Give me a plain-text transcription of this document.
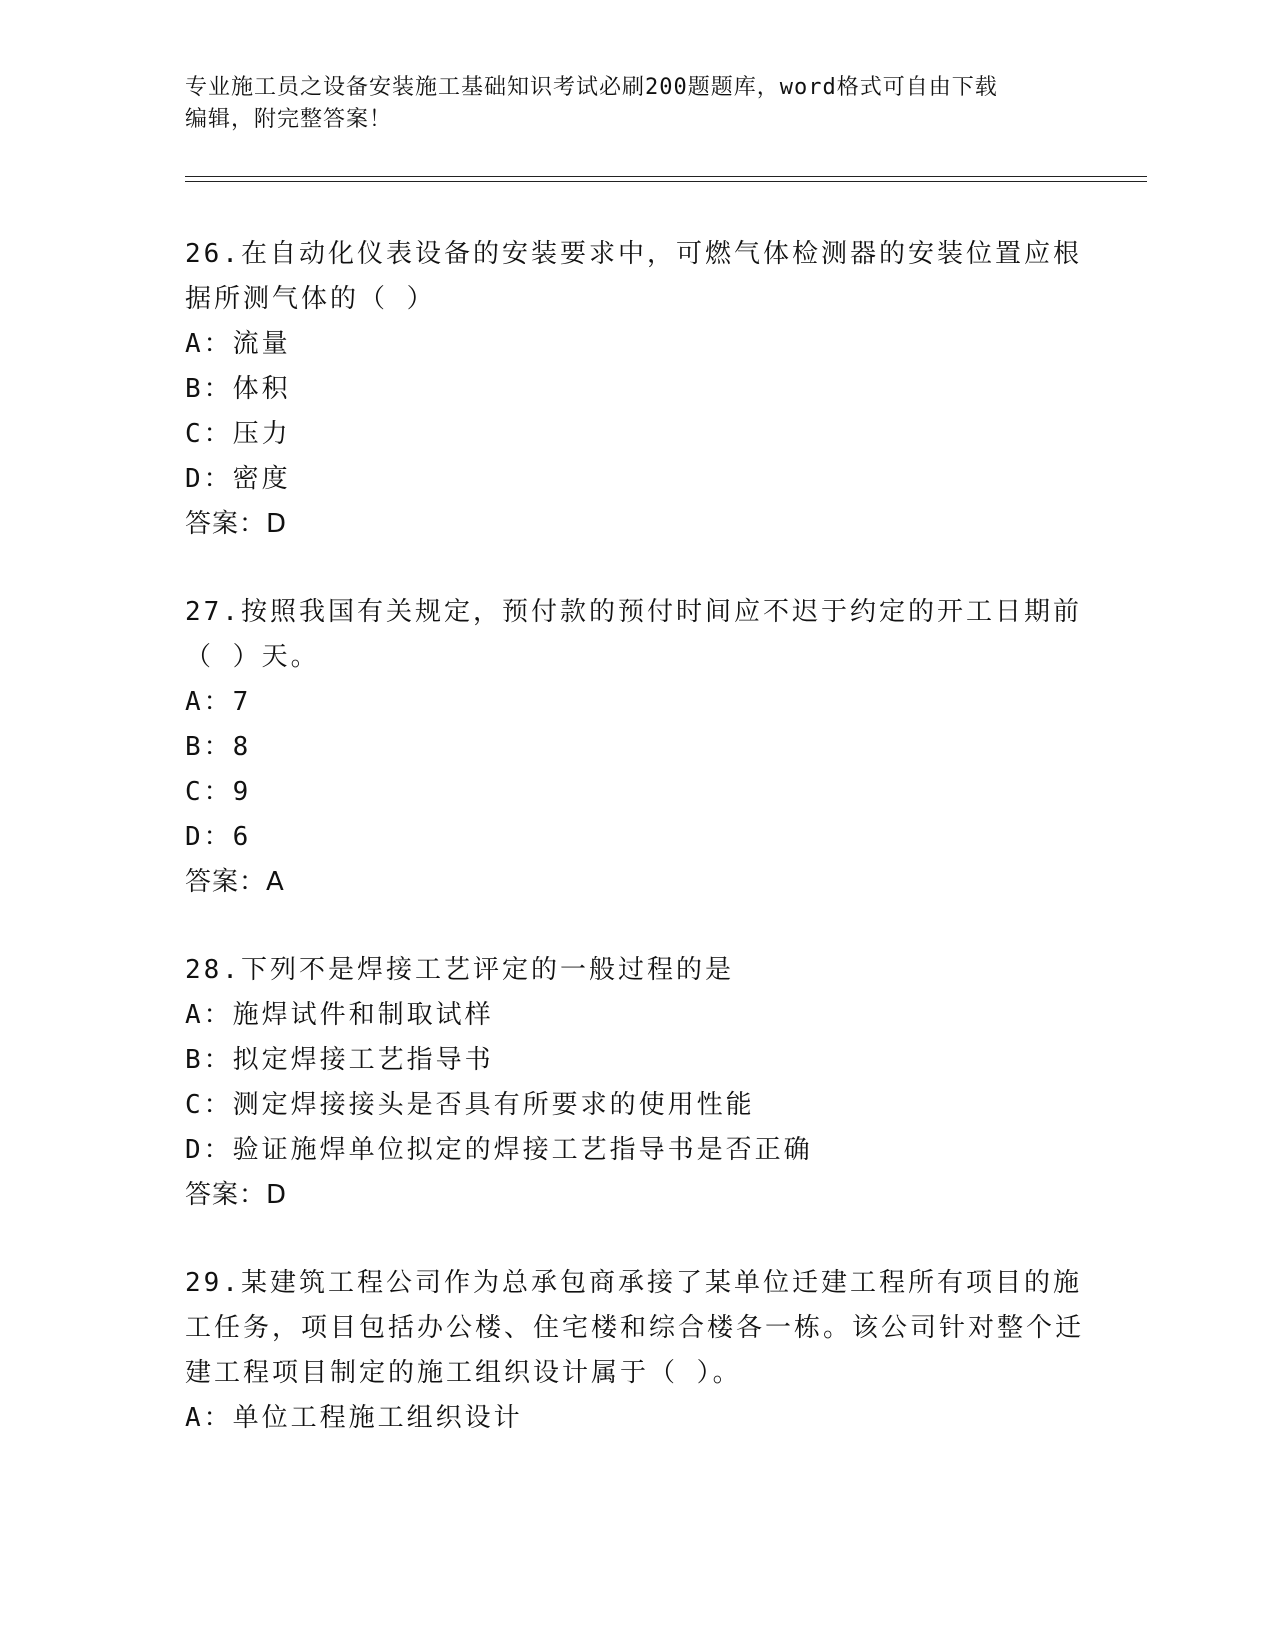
专业施工员之设备安装施工基础知识考试必刷200题题库，word格式可自由下载
编辑，附完整答案！

26.在自动化仪表设备的安装要求中，可燃气体检测器的安装位置应根据所测气体的（ ）

A：流量

B：体积

C：压力

D：密度

答案：D

27.按照我国有关规定，预付款的预付时间应不迟于约定的开工日期前（ ）天。

A：7

B：8

C：9

D：6

答案：A

28.下列不是焊接工艺评定的一般过程的是

A：施焊试件和制取试样

B：拟定焊接工艺指导书

C：测定焊接接头是否具有所要求的使用性能

D：验证施焊单位拟定的焊接工艺指导书是否正确

答案：D

29.某建筑工程公司作为总承包商承接了某单位迁建工程所有项目的施工任务，项目包括办公楼、住宅楼和综合楼各一栋。该公司针对整个迁建工程项目制定的施工组织设计属于（ ）。

A：单位工程施工组织设计
